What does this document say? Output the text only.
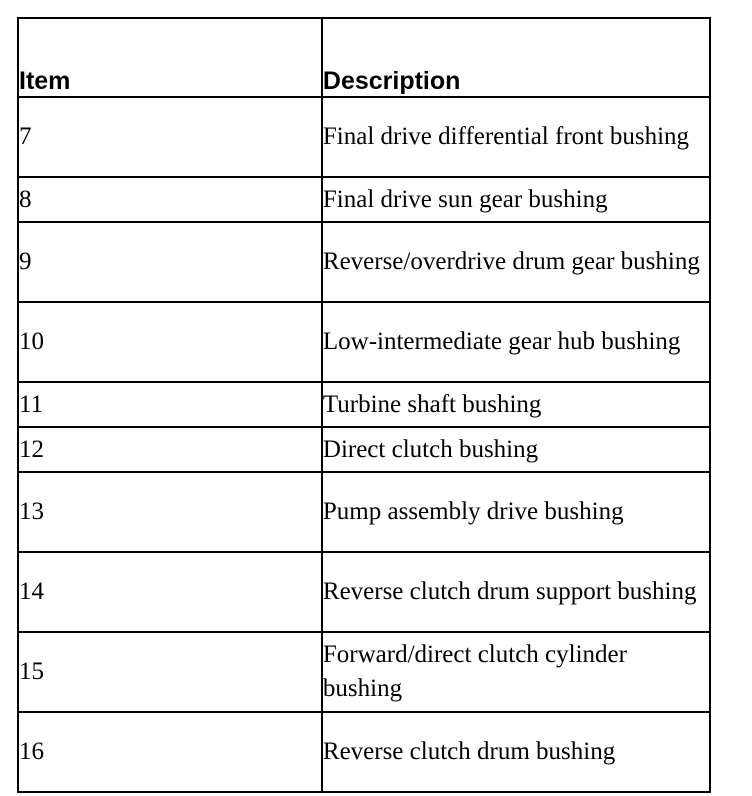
Item	Description
7	Final drive differential front bushing
8	Final drive sun gear bushing
9	Reverse/overdrive drum gear bushing
10	Low-intermediate gear hub bushing
11	Turbine shaft bushing
12	Direct clutch bushing
13	Pump assembly drive bushing
14	Reverse clutch drum support bushing
15	Forward/direct clutch cylinder bushing
16	Reverse clutch drum bushing
